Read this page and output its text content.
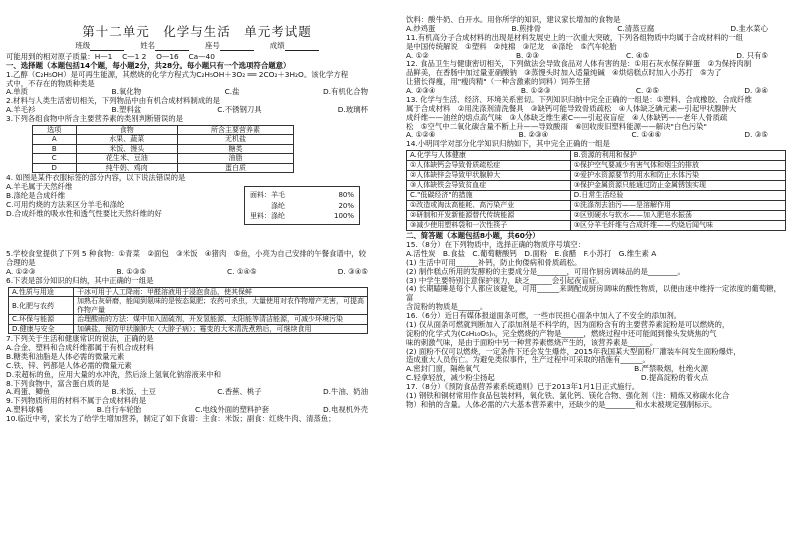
第十二单元　化学与生活　单元考试题
班级	姓名	座号	成绩

可能用到的相对原子质量：H—1　 C—1 2　 O—16　 Ca—40

一、选择题（本题包括14个题，每小题2分，共28分。每小题只有一个选项符合题意）

1.乙醇（C₂H₅OH）是可再生能源，其燃烧的化学方程式为C₂H₅OH＋3O₂ ══ 2CO₂＋3H₂O。该化学方程

式中，不存在的物质种类是

A.单质	B.氧化物	C.盐	D.有机化合物

2.材料与人类生活密切相关，下列物品中由有机合成材料制成的是

A.羊毛衫	B.塑料盆	C.不锈钢刀具	D.玻璃杯

3.下列各组食物中所含主要营养素的类别判断错误的是

选项	食物	所含主要营养素
A	水果、蔬菜	无机盐
B	米饭、馒头	糖类
C	花生米、豆油	油脂
D	纯牛奶、鸡肉	蛋白质

4. 如图是某件衣服标签的部分内容，以下说法错误的是

A.羊毛属于天然纤维

B.涤纶是合成纤维

C.可用灼烧的方法来区分羊毛和涤纶

D.合成纤维的吸水性和透气性要比天然纤维的好

面料：羊毛	80%
　　　涤纶	20%
里料：涤纶	100%

5.学校食堂提供了下列 5 种食物：①青菜　②面包　③米饭　④猪肉　⑤鱼，小亮为自己安排的午餐食谱中，较

合理的是

A. ①②③	B. ①③⑤	C. ①④⑤	D. ③④⑤

6.下表是部分知识的归纳，其中正确的一组是

A.性质与用途	干冰可用于人工降雨：甲醛溶液用于浸泡食品，使其保鲜
B.化肥与农药	加熟石灰研磨，能闻到氨味的是铵态氮肥；农药可杀虫，大量使用对农作物增产无害，可提高作物产量
C.环保与能源	治理酸雨的方法：煤中加入固硫剂，开发氢能源、太阳能等清洁能源，可减少环境污染
D.健康与安全	加碘盐，预防甲状腺肿大（大脖子病）；霉变的大米清洗煮熟后，可继续食用

7.下列关于生活和健康常识的说法，正确的是

A.合金、塑料和合成纤维都属于有机合成材料

B.糖类和油脂是人体必需的微量元素

C.铁、锌、钙都是人体必需的微量元素

D.汞超标的鱼，应用大量的水冲洗，然后涂上氢氧化钠溶液来中和

8.下列食物中，富含蛋白质的是

A.鸡蛋、鲫鱼	B.米饭、土豆	C.香蕉、桃子	D.牛油、奶油

9.下列物质所用的材料不属于合成材料的是

A.塑料球桶	B.自行车轮胎	C.电线外面的塑料护套	D.电视机外壳

10.临近中考，家长为了给学生增加营养，制定了如下食谱：主食：米饭；副食：红烧牛肉、清蒸鱼；

饮料：酸牛奶、白开水。用你所学的知识，建议家长增加的食物是

A.炒鸡蛋	B.煎排骨	C.清蒸豆腐	D.韭水菜心

11.有机高分子合成材料的出现是材料发展史上的一次重大突破，下列各组物质中均属于合成材料的一组

是中国传统解说　①塑料　②纯棉　③尼龙　④涤纶　⑤汽车轮胎

A. ①②	B. ②③	C. ④⑤	D. 只有⑤

12. 食品卫生与健康密切相关，下列做法会导致食品对人体有害的是：①用石灰水保存鲜蛋　②为保持肉制

品鲜美，在香肠中加过量亚硝酸钠　③蒸馒头时加入适量纯碱　④烘焙糕点时加入小苏打　⑤为了

让猪长得瘦，用"瘦肉精"（一种含激素的饲料）饲养生猪

A. ②③④	B. ①②③	C. ②⑤	D. ③④

13. 化学与生活、经济、环境关系密切。下列知识归纳中完全正确的一组是：①塑料、合成橡胶、合成纤维

属于合成材料　②用洗涤剂清洗餐具　③缺钙可能导致骨质疏松　④人体缺乏碘元素—引起甲状腺肿大

成纤维——油丝的熔点高气味　③人体缺乏维生素C——引起夜盲症　④人体缺钙——老年人骨质疏

松　⑤空气中二氧化碳含量不断上升——导致酸雨　⑥回收废旧塑料能源——解决"白色污染"

A. ①②⑥	B. ②③④	C. ①④⑥	D. ③⑤

14.小明同学对部分化学知识归纳如下，其中完全正确的一组是

A.化学与人体健康	B.资源的利用和保护
①人体缺钙会导致骨质疏松症	①保护空气要减少有害气体和烟尘的排放
②人体缺锌会导致甲状腺肿大	②爱护水资源要节约用水和防止水体污染
③人体缺铁会导致贫血症	③保护金属资源只能通过防止金属锈蚀实现
C."低碳经济"的措施	D.日常生活经验
①改造或淘汰高能耗、高污染产业	①洗涤剂去油污——是溶解作用
②研制和开发新能源替代传统能源	②区别硬水与软水——加入肥皂水振荡
③减少使用塑料袋和一次性筷子	③区分羊毛纤维与合成纤维——灼烧后闻气味

二、简答题（本题包括8小题，共60分）

15.（8分）在下列物质中，选择正确的物质序号填空：

A.活性炭　B.食盐　C.葡萄糖酸钙　D.面粉　E.食醋　F.小苏打　G.维生素 A

(1) 生活中可用______补钙，防止佝偻病和骨质疏松。

(2) 制作糕点所用的发酵粉的主要成分是________，可用作厨房调味品的是________。

(3) 中学生要特别注意保护视力，缺乏______会引起夜盲症。

(4) 长期瞌睡是每个人都应该避免，可用______来调配成厨房调味的酸性物质，以便由迷中维持一定浓度的葡萄糖，富

含淀粉的物质是______。

16.（6分）近日有媒体报道面条可燃，一些市民担心面条中加入了不安全的添加剂。

(1) 仅从面条可燃就判断加入了添加剂是不科学的，因为面粉含有的主要营养素淀粉是可以燃烧的，

淀粉的化学式为(C₆H₁₀O₅)ₙ，完全燃烧的产物是______，燃烧过程中还可能闻到像头发烧焦的气

味的刺激气味，是由于面粉中另一种营养素燃烧产生的，该营养素是______。

(2) 面粉不仅可以燃烧，一定条件下还会发生爆炸，2015年我国某大型面粉厂灌装车间发生面粉爆炸，

造成重大人员伤亡。为避免类似事件，生产过程中可采取的措施有______。

A.密封门窗，隔绝氧气	B.严禁吸烟，杜绝火源
C.轻拿轻放，减少粉尘扬起	D.提高淀粉的着火点

17.（8分）《预防食品营养素系统通则》已于2013年1月1日正式施行。

(1) 钢铁和铜材常用作食品包装材料，氧化铁、氯化钙、镁化合物、强化剂（注：精炼又称碳水化合

物）和钠的含量。人体必需的六大基本营养素中，还缺少的是________和水未被规定强制标示。
